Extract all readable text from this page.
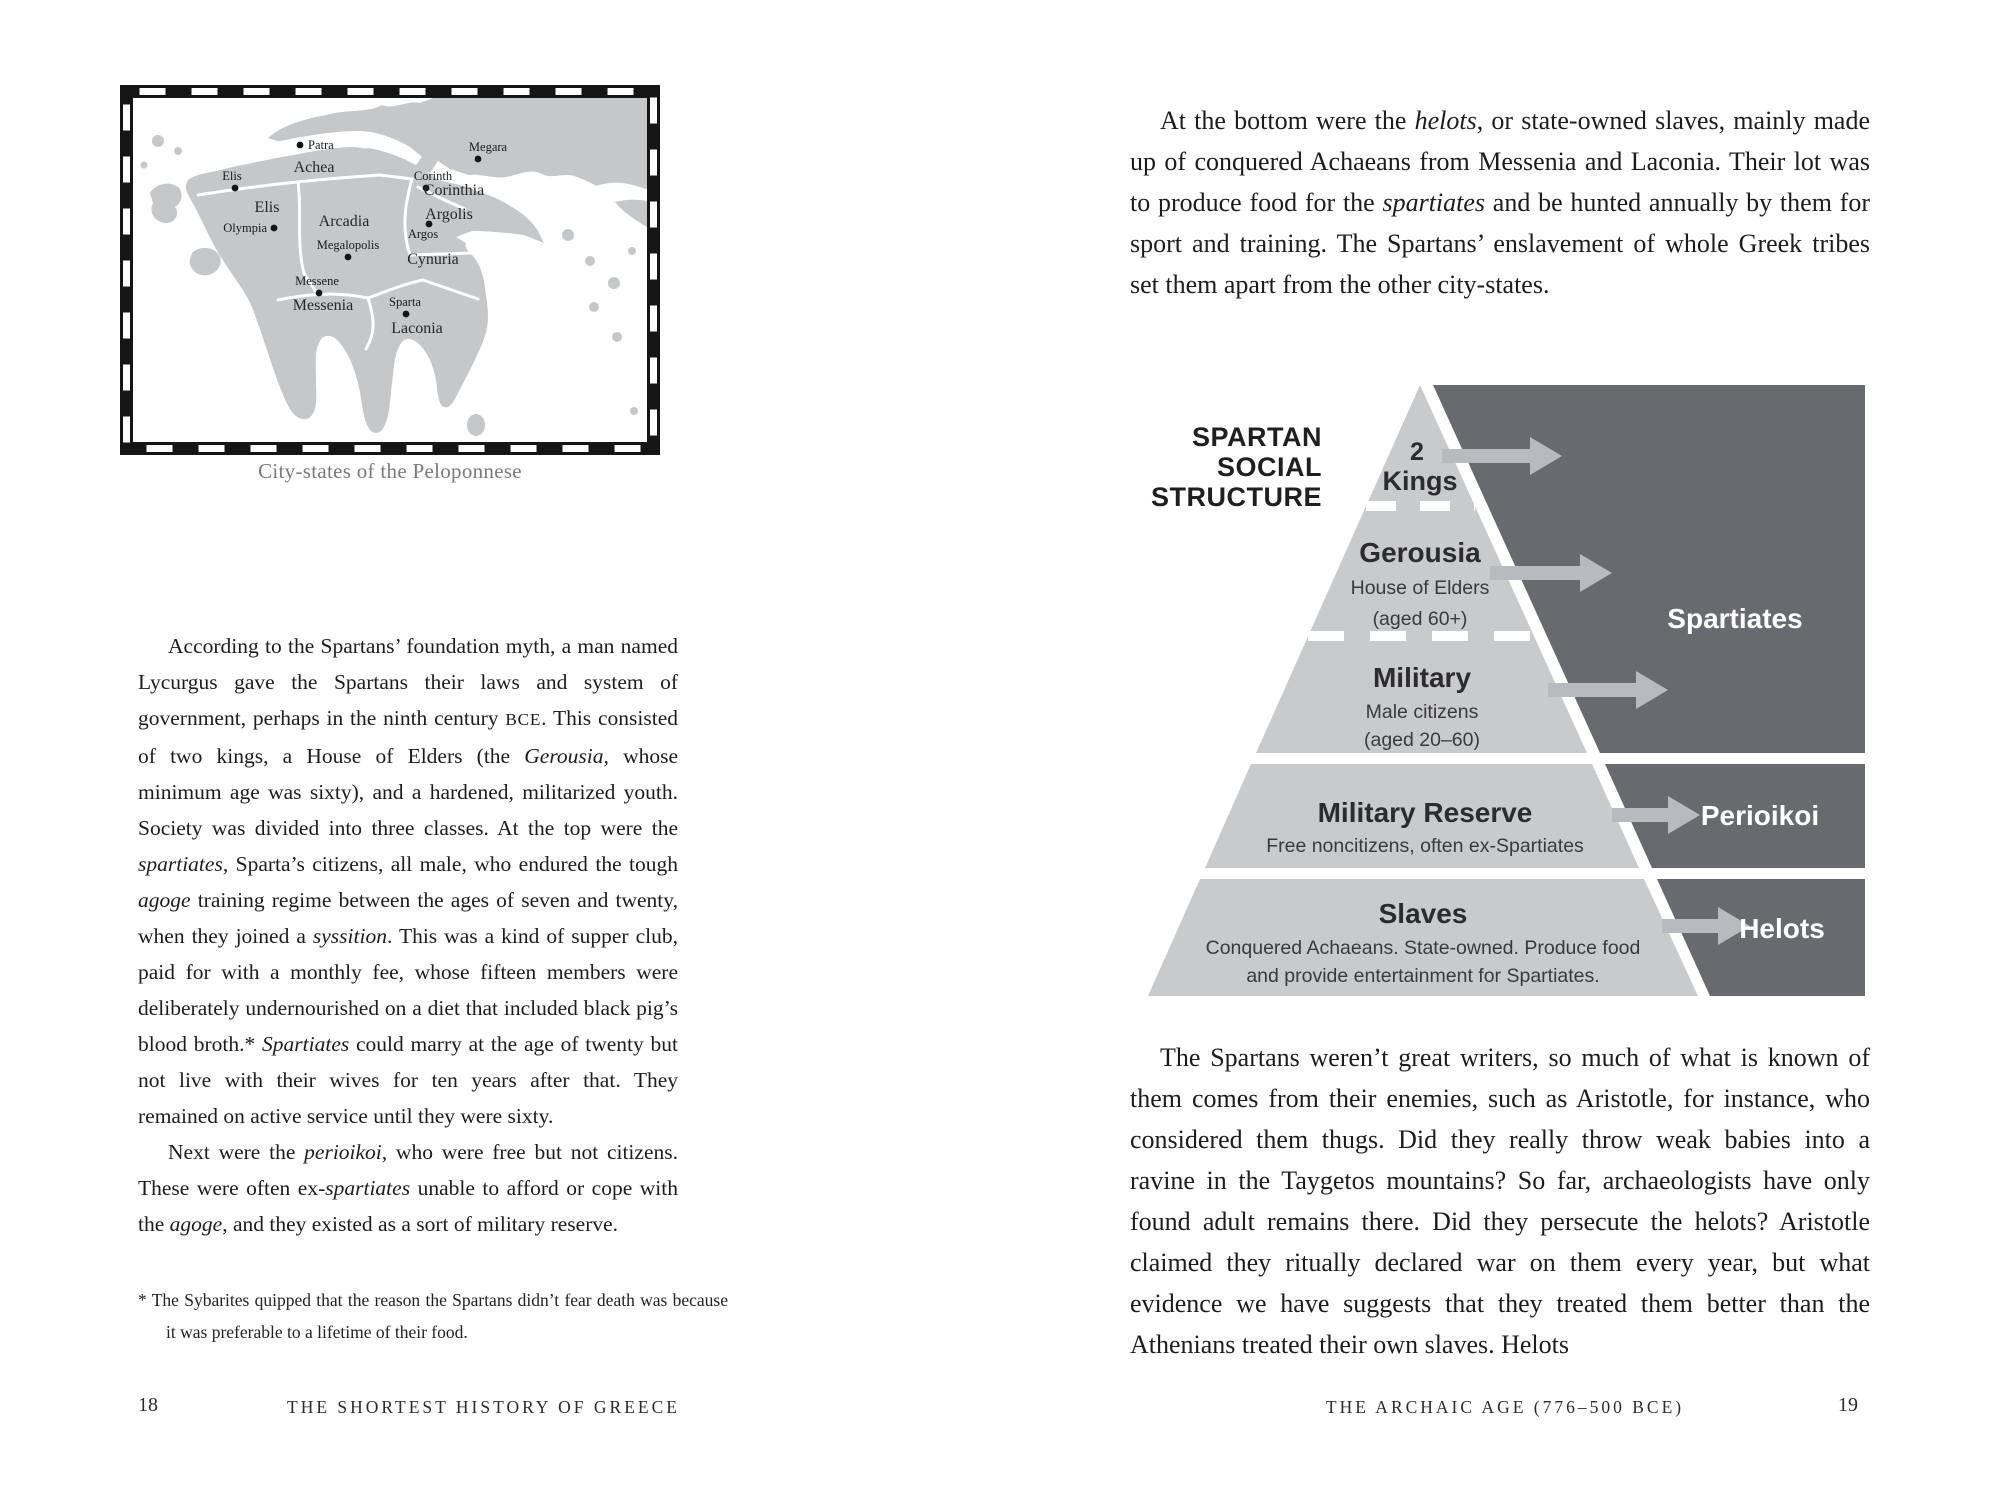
Patra	Megara
Corinth
Elis
Olympia
Megalopolis
Argos
Messene
Sparta
Achea
Elis
Arcadia
Corinthia
Argolis
Cynuria
Messenia
Laconia
City-states of the Peloponnese

According to the Spartans’ foundation myth, a man named Lycurgus gave the Spartans their laws and system of government, perhaps in the ninth century BCE. This consisted of two kings, a House of Elders (the Gerousia, whose minimum age was sixty), and a hardened, militarized youth. Society was divided into three classes. At the top were the spartiates, Sparta’s citizens, all male, who endured the tough agoge training regime between the ages of seven and twenty, when they joined a syssition. This was a kind of supper club, paid for with a monthly fee, whose fifteen members were deliberately undernourished on a diet that included black pig’s blood broth.* Spartiates could marry at the age of twenty but not live with their wives for ten years after that. They remained on active service until they were sixty.

Next were the perioikoi, who were free but not citizens. These were often ex-spartiates unable to afford or cope with the agoge, and they existed as a sort of military reserve.

* The Sybarites quipped that the reason the Spartans didn’t fear death was because it was preferable to a lifetime of their food.
18	THE SHORTEST HISTORY OF GREECE

At the bottom were the helots, or state-owned slaves, mainly made up of conquered Achaeans from Messenia and Laconia. Their lot was to produce food for the spartiates and be hunted annually by them for sport and training. The Spartans’ enslavement of whole Greek tribes set them apart from the other city-states.

SPARTAN
SOCIAL
STRUCTURE
2
Kings
Gerousia
House of Elders
(aged 60+)
Military
Male citizens
(aged 20–60)
Military Reserve
Free noncitizens, often ex-Spartiates
Slaves
Conquered Achaeans. State-owned. Produce food
and provide entertainment for Spartiates.
Spartiates
Perioikoi
Helots

The Spartans weren’t great writers, so much of what is known of them comes from their enemies, such as Aristotle, for instance, who considered them thugs. Did they really throw weak babies into a ravine in the Taygetos mountains? So far, archaeologists have only found adult remains there. Did they persecute the helots? Aristotle claimed they ritually declared war on them every year, but what evidence we have suggests that they treated them better than the Athenians treated their own slaves. Helots

THE ARCHAIC AGE (776–500 BCE)	19
